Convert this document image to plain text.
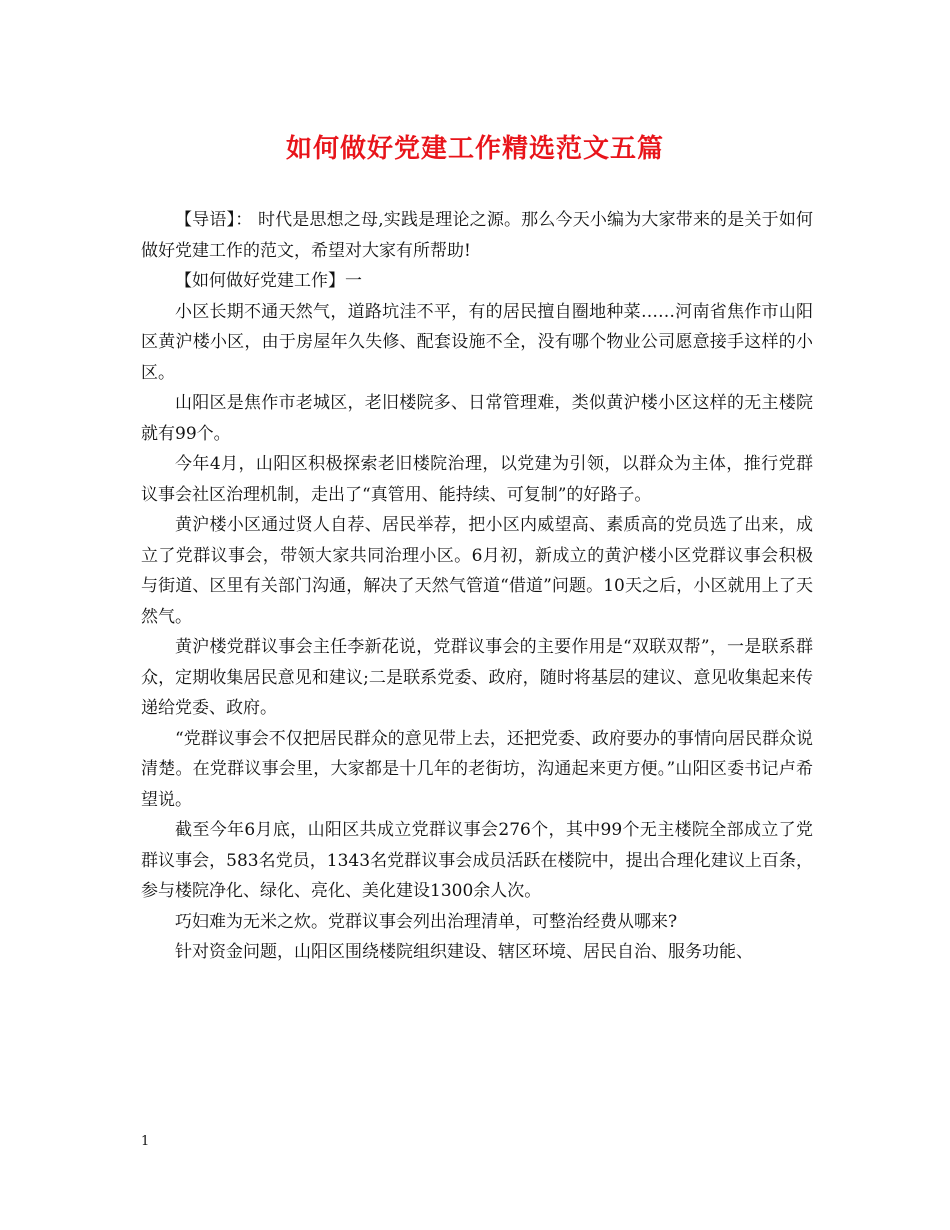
如何做好党建工作精选范文五篇

【导语】： 时代是思想之母,实践是理论之源。那么今天小编为大家带来的是关于如何做好党建工作的范文，希望对大家有所帮助!

【如何做好党建工作】一

小区长期不通天然气，道路坑洼不平，有的居民擅自圈地种菜……河南省焦作市山阳区黄沪楼小区，由于房屋年久失修、配套设施不全，没有哪个物业公司愿意接手这样的小区。

山阳区是焦作市老城区，老旧楼院多、日常管理难，类似黄沪楼小区这样的无主楼院就有99个。

今年4月，山阳区积极探索老旧楼院治理，以党建为引领，以群众为主体，推行党群议事会社区治理机制，走出了“真管用、能持续、可复制”的好路子。

黄沪楼小区通过贤人自荐、居民举荐，把小区内威望高、素质高的党员选了出来，成立了党群议事会，带领大家共同治理小区。6月初，新成立的黄沪楼小区党群议事会积极与街道、区里有关部门沟通，解决了天然气管道“借道”问题。10天之后，小区就用上了天然气。

黄沪楼党群议事会主任李新花说，党群议事会的主要作用是“双联双帮”，一是联系群众，定期收集居民意见和建议;二是联系党委、政府，随时将基层的建议、意见收集起来传递给党委、政府。

“党群议事会不仅把居民群众的意见带上去，还把党委、政府要办的事情向居民群众说清楚。在党群议事会里，大家都是十几年的老街坊，沟通起来更方便。”山阳区委书记卢希望说。

截至今年6月底，山阳区共成立党群议事会276个，其中99个无主楼院全部成立了党群议事会，583名党员，1343名党群议事会成员活跃在楼院中，提出合理化建议上百条，参与楼院净化、绿化、亮化、美化建设1300余人次。

巧妇难为无米之炊。党群议事会列出治理清单，可整治经费从哪来?

针对资金问题，山阳区围绕楼院组织建设、辖区环境、居民自治、服务功能、

1
